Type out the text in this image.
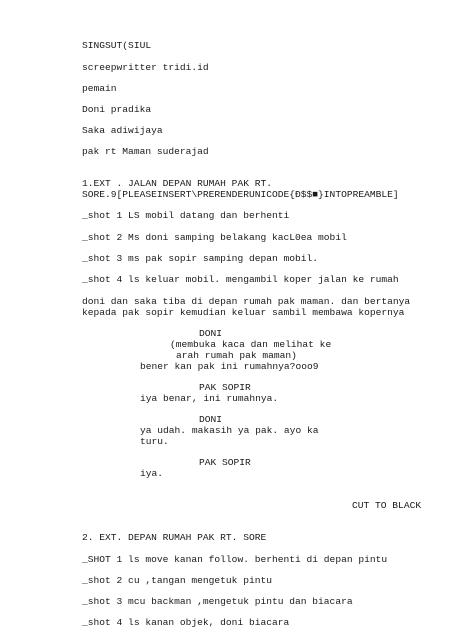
SINGSUT(SIUL
screepwritter tridi.id
pemain
Doni pradika
Saka adiwijaya
pak rt Maman suderajad
1.EXT . JALAN DEPAN RUMAH PAK RT.
SORE.9[PLEASEINSERT\PRERENDERUNICODE{Ð$$■}INTOPREAMBLE]
_shot 1 LS mobil datang dan berhenti
_shot 2 Ms doni samping belakang kacL0ea mobil
_shot 3 ms pak sopir samping depan mobil.
_shot 4 ls keluar mobil. mengambil koper jalan ke rumah
doni dan saka tiba di depan rumah pak maman. dan bertanya
kepada pak sopir kemudian keluar sambil membawa kopernya
DONI
(membuka kaca dan melihat ke
arah rumah pak maman)
bener kan pak ini rumahnya?ooo9
PAK SOPIR
iya benar, ini rumahnya.
DONI
ya udah. makasih ya pak. ayo ka
turu.
PAK SOPIR
iya.
CUT TO BLACK
2. EXT. DEPAN RUMAH PAK RT. SORE
_SHOT 1 ls move kanan follow. berhenti di depan pintu
_shot 2 cu ,tangan mengetuk pintu
_shot 3 mcu backman ,mengetuk pintu dan biacara
_shot 4 ls kanan objek, doni biacara
